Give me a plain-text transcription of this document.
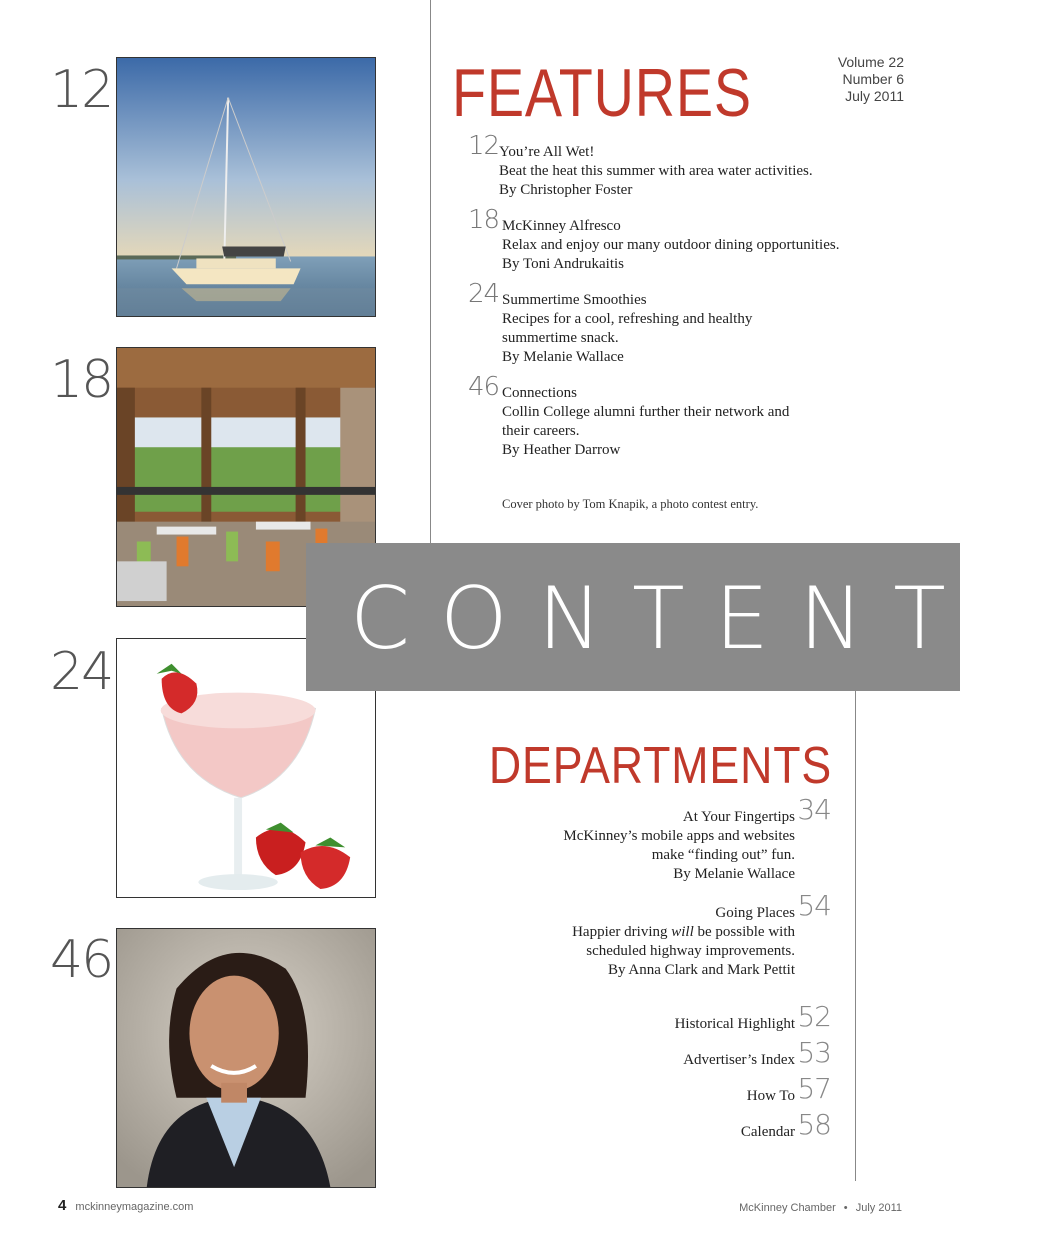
12
18
24
46
FEATURES	Volume 22
Number 6
July 2011
12 You’re All Wet!
Beat the heat this summer with area water activities.
By Christopher Foster
18 McKinney Alfresco
Relax and enjoy our many outdoor dining opportunities.
By Toni Andrukaitis
24 Summertime Smoothies
Recipes for a cool, refreshing and healthy
summertime snack.
By Melanie Wallace
46 Connections
Collin College alumni further their network and
their careers.
By Heather Darrow
Cover photo by Tom Knapik, a photo contest entry.
CONTENTS
DEPARTMENTS
34
At Your Fingertips
McKinney’s mobile apps and websites
make “finding out” fun.
By Melanie Wallace
54
Going Places
Happier driving will be possible with
scheduled highway improvements.
By Anna Clark and Mark Pettit
52
Historical Highlight
53
Advertiser’s Index
57
How To
58
Calendar
4 mckinneymagazine.com	McKinney Chamber • July 2011
